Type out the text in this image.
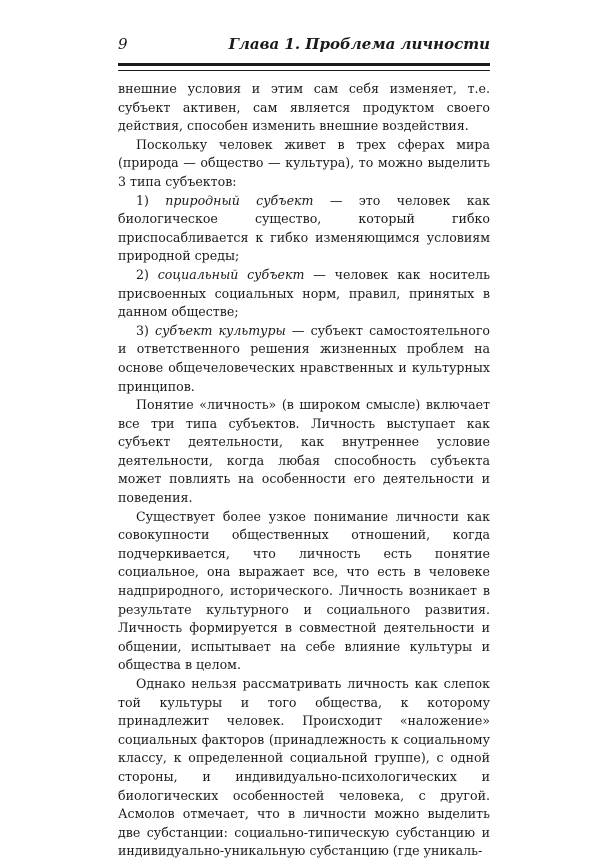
9	Глава 1. Проблема личности

внешние условия и этим сам себя изменяет, т.е. субъект активен, сам является продуктом своего действия, способен изменить внешние воздействия.

Поскольку человек живет в трех сферах мира (природа — общество — культура), то можно выделить 3 типа субъектов:

1) природный субъект — это человек как биологическое существо, который гибко приспосабливается к гибко изменяющимся условиям природной среды;

2) социальный субъект — человек как носитель присвоенных социальных норм, правил, принятых в данном обществе;

3) субъект культуры — субъект самостоятельного и ответственного решения жизненных проблем на основе общечеловеческих нравственных и культурных принципов.

Понятие «личность» (в широком смысле) включает все три типа субъектов. Личность выступает как субъект деятельности, как внутреннее условие деятельности, когда любая способность субъекта может повлиять на особенности его деятельности и поведения.

Существует более узкое понимание личности как совокупности общественных отношений, когда подчеркивается, что личность есть понятие социальное, она выражает все, что есть в человеке надприродного, исторического. Личность возникает в результате культурного и социального развития. Личность формируется в совместной деятельности и общении, испытывает на себе влияние культуры и общества в целом.

Однако нельзя рассматривать личность как слепок той культуры и того общества, к которому принадлежит человек. Происходит «наложение» социальных факторов (принадлежность к социальному классу, к определенной социальной группе), с одной стороны, и индивидуально-психологических и биологических особенностей человека, с другой. Асмолов отмечает, что в личности можно выделить две субстанции: социально-типическую субстанцию и индивидуально-уникальную субстанцию (где уникаль-
